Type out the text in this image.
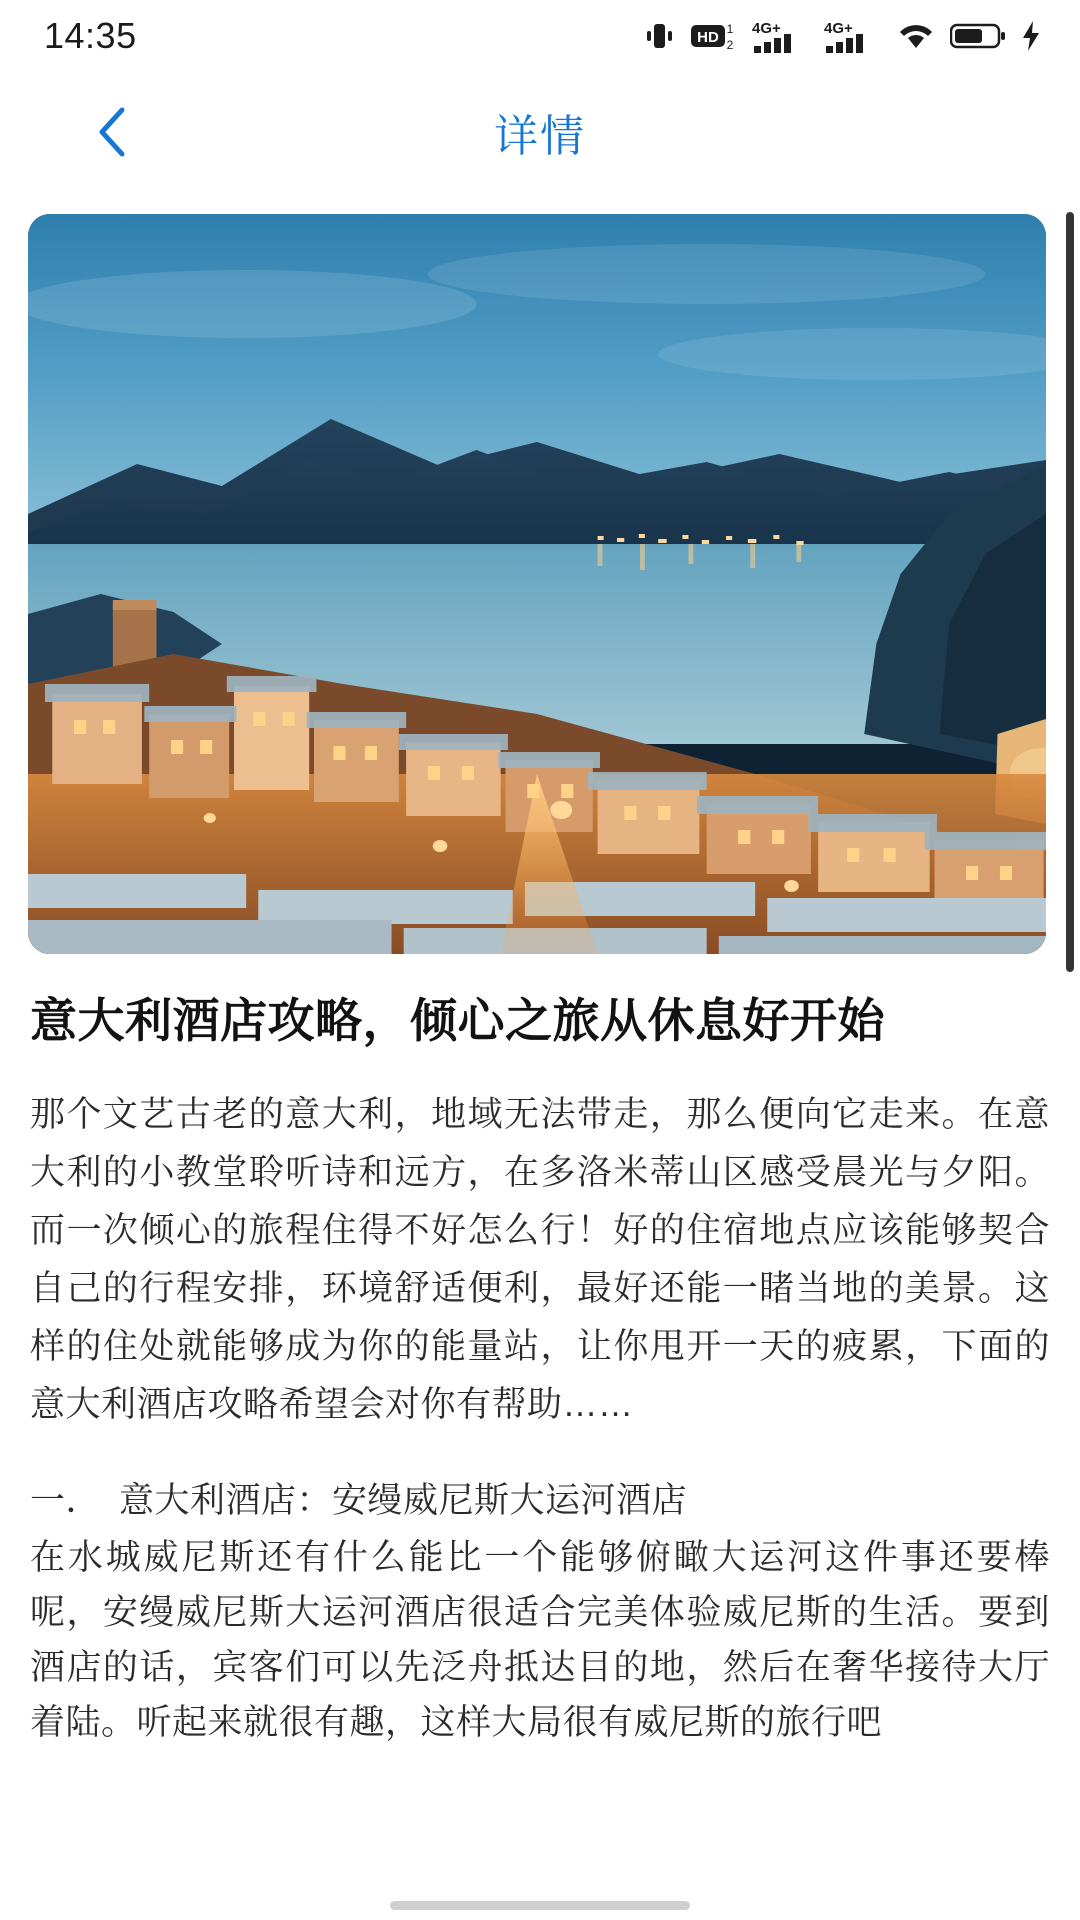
14:35	HD 1
2
4G+	4G+
详情
意大利酒店攻略，倾心之旅从休息好开始

那个文艺古老的意大利，地域无法带走，那么便向它走来。在意大利的小教堂聆听诗和远方，在多洛米蒂山区感受晨光与夕阳。而一次倾心的旅程住得不好怎么行！好的住宿地点应该能够契合自己的行程安排，环境舒适便利，最好还能一睹当地的美景。这样的住处就能够成为你的能量站，让你甩开一天的疲累，下面的意大利酒店攻略希望会对你有帮助……

一．　意大利酒店：安缦威尼斯大运河酒店

在水城威尼斯还有什么能比一个能够俯瞰大运河这件事还要棒呢，安缦威尼斯大运河酒店很适合完美体验威尼斯的生活。要到酒店的话，宾客们可以先泛舟抵达目的地，然后在奢华接待大厅着陆。听起来就很有趣，这样大局很有威尼斯的旅行吧
